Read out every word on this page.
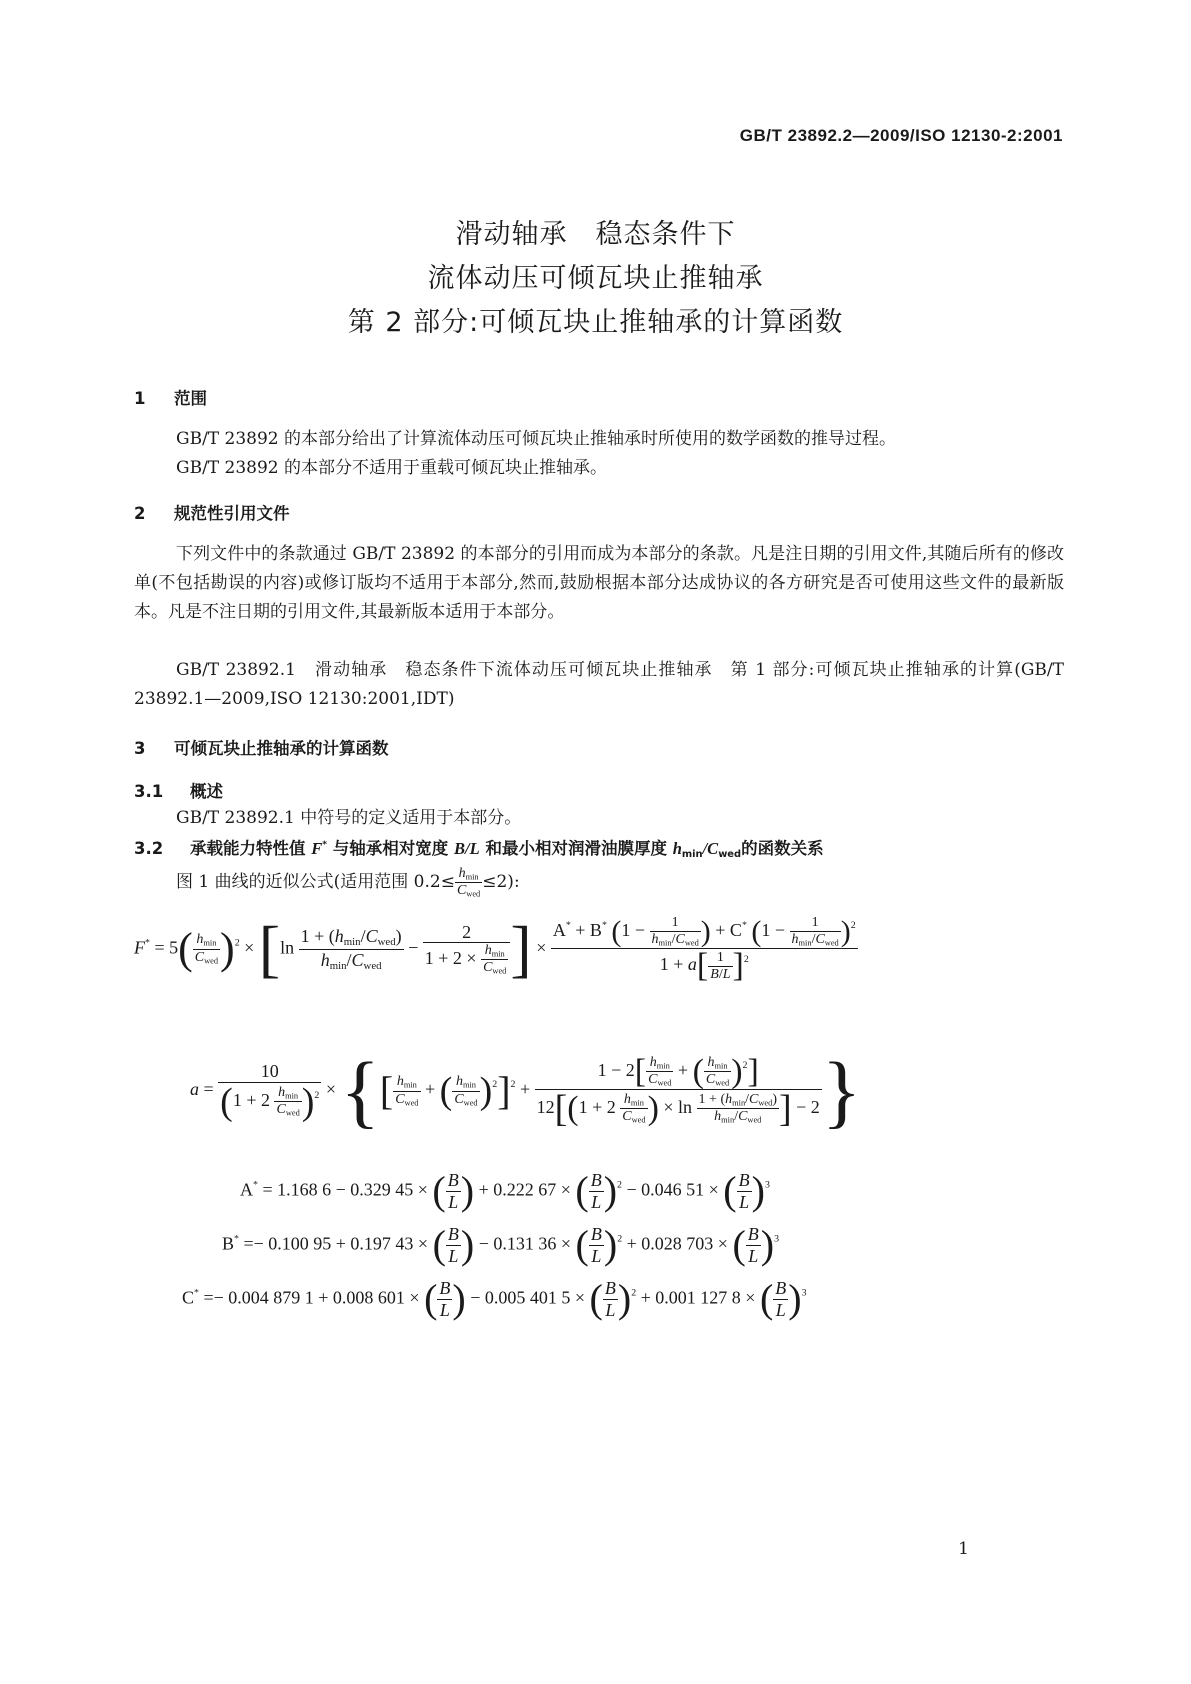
GB/T 23892.2—2009/ISO 12130-2:2001
滑动轴承　稳态条件下
流体动压可倾瓦块止推轴承
第 2 部分:可倾瓦块止推轴承的计算函数
1 范围
GB/T 23892 的本部分给出了计算流体动压可倾瓦块止推轴承时所使用的数学函数的推导过程。
GB/T 23892 的本部分不适用于重载可倾瓦块止推轴承。
2 规范性引用文件
下列文件中的条款通过 GB/T 23892 的本部分的引用而成为本部分的条款。凡是注日期的引用文件,其随后所有的修改单(不包括勘误的内容)或修订版均不适用于本部分,然而,鼓励根据本部分达成协议的各方研究是否可使用这些文件的最新版本。凡是不注日期的引用文件,其最新版本适用于本部分。
GB/T 23892.1　滑动轴承　稳态条件下流体动压可倾瓦块止推轴承　第 1 部分:可倾瓦块止推轴承的计算(GB/T 23892.1—2009,ISO 12130:2001,IDT)
3 可倾瓦块止推轴承的计算函数
3.1 概述
GB/T 23892.1 中符号的定义适用于本部分。
3.2 承载能力特性值 F* 与轴承相对宽度 B/L 和最小相对润滑油膜厚度 $h_{min}/C_{wed}$的函数关系
图 1 曲线的近似公式(适用范围 $0.2\le \frac{h_{min}}{C_{wed}} \le 2$):
$F^* = 5( \frac{h_{min}}{C_{wed}} )^2 \times [\ln \frac{1 + (h_{min}/C_{wed})}{h_{min}/C_{wed}} - \frac{2}{1 + 2 \times \frac{h_{min}}{C_{wed}}}$ ] × $\frac{A^* + B^* (1 - \frac{1}{h_{min}/C_{wed}} ) + C^* (1 - \frac{1}{h_{min}/C_{wed}} )^2}{1 + a[ \frac{1}{B/L} ]^2}$
$a = \frac{10}{(1 + 2 \frac{h_{min}}{C_{wed}} )^2}$ × {[ $\frac{h_{min}}{C_{wed}}$ + ( $\frac{h_{min}}{C_{wed}} )^2]^2 + \frac{1 - 2[ \frac{h_{min}}{C_{wed}} + ( \frac{h_{min}}{C_{wed}} )^2]}{12[(1 + 2 \frac{h_{min}}{C_{wed}} ) \times \ln \frac{1 + (h_{min}/C_{wed})}{h_{min}/C_{wed}} ] - 2}$ }
A* = 1.168 6 − 0.329 45 × ( $\frac{B}{L}$ ) + 0.222 67 × ( $\frac{B}{L} )^2 - 0.046$ 51 × ( $\frac{B}{L} )^3$
B* =− 0.100 95 + 0.197 43 × ( $\frac{B}{L}$ ) − 0.131 36 × ( $\frac{B}{L} )^2 + 0.028$ 703 × ( $\frac{B}{L} )^3$
C* =− 0.004 879 1 + 0.008 601 × ( $\frac{B}{L}$ ) − 0.005 401 5 × ( $\frac{B}{L} )^2 + 0.001$ 127 8 × ( $\frac{B}{L} )^3$
1
